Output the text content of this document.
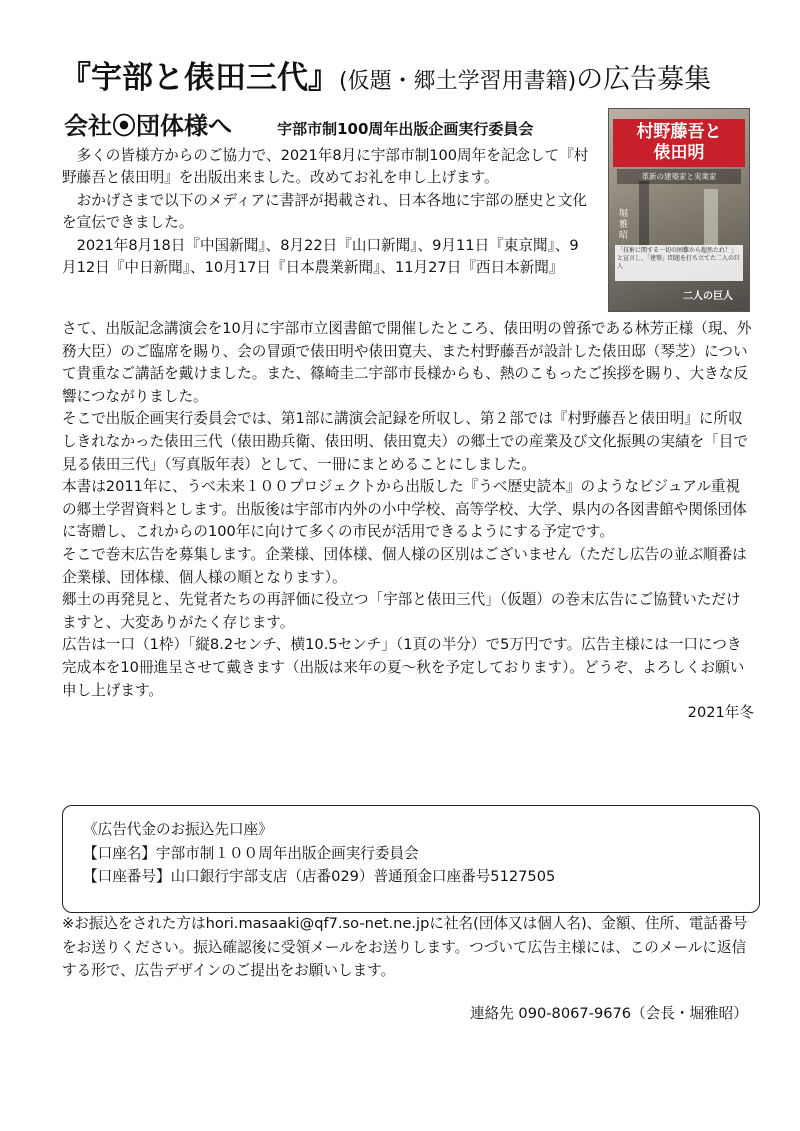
『宇部と俵田三代』(仮題・郷土学習用書籍)の広告募集
会社⦿団体様へ	宇部市制100周年出版企画実行委員会

　多くの皆様方からのご協力で、2021年8月に宇部市制100周年を記念して『村野藤吾と俵田明』を出版出来ました。改めてお礼を申し上げます。

　おかげさまで以下のメディアに書評が掲載され、日本各地に宇部の歴史と文化を宣伝できました。

　2021年8月18日『中国新聞』、8月22日『山口新聞』、9月11日『東京聞』、9月12日『中日新聞』、10月17日『日本農業新聞』、11月27日『西日本新聞』

村野藤吾と
俵田明
革新の建築家と実業家
堀雅昭
「技術に関する一切の困難から超然たれ！」と宣言し、「建築」問題を打ち立てた二人の巨人
二人の巨人

さて、出版記念講演会を10月に宇部市立図書館で開催したところ、俵田明の曾孫である林芳正様（現、外務大臣）のご臨席を賜り、会の冒頭で俵田明や俵田寛夫、また村野藤吾が設計した俵田邸（琴芝）について貴重なご講話を戴けました。また、篠崎圭二宇部市長様からも、熱のこもったご挨拶を賜り、大きな反響につながりました。

そこで出版企画実行委員会では、第1部に講演会記録を所収し、第２部では『村野藤吾と俵田明』に所収しきれなかった俵田三代（俵田勘兵衛、俵田明、俵田寛夫）の郷土での産業及び文化振興の実績を「目で見る俵田三代」（写真版年表）として、一冊にまとめることにしました。

本書は2011年に、うべ未来１００プロジェクトから出版した『うべ歴史読本』のようなビジュアル重視の郷土学習資料とします。出版後は宇部市内外の小中学校、高等学校、大学、県内の各図書館や関係団体に寄贈し、これからの100年に向けて多くの市民が活用できるようにする予定です。

そこで巻末広告を募集します。企業様、団体様、個人様の区別はございません（ただし広告の並ぶ順番は企業様、団体様、個人様の順となります）。

郷土の再発見と、先覚者たちの再評価に役立つ「宇部と俵田三代」（仮題）の巻末広告にご協賛いただけますと、大変ありがたく存じます。

広告は一口（1枠）「縦8.2センチ、横10.5センチ」（1頁の半分）で5万円です。広告主様には一口につき完成本を10冊進呈させて戴きます（出版は来年の夏～秋を予定しております）。どうぞ、よろしくお願い申し上げます。

2021年冬

《広告代金のお振込先口座》

【口座名】宇部市制１００周年出版企画実行委員会

【口座番号】山口銀行宇部支店（店番029）普通預金口座番号5127505

※お振込をされた方はhori.masaaki@qf7.so-net.ne.jpに社名(団体又は個人名)、金額、住所、電話番号をお送りください。振込確認後に受領メールをお送りします。つづいて広告主様には、このメールに返信する形で、広告デザインのご提出をお願いします。

連絡先 090-8067-9676（会長・堀雅昭）
